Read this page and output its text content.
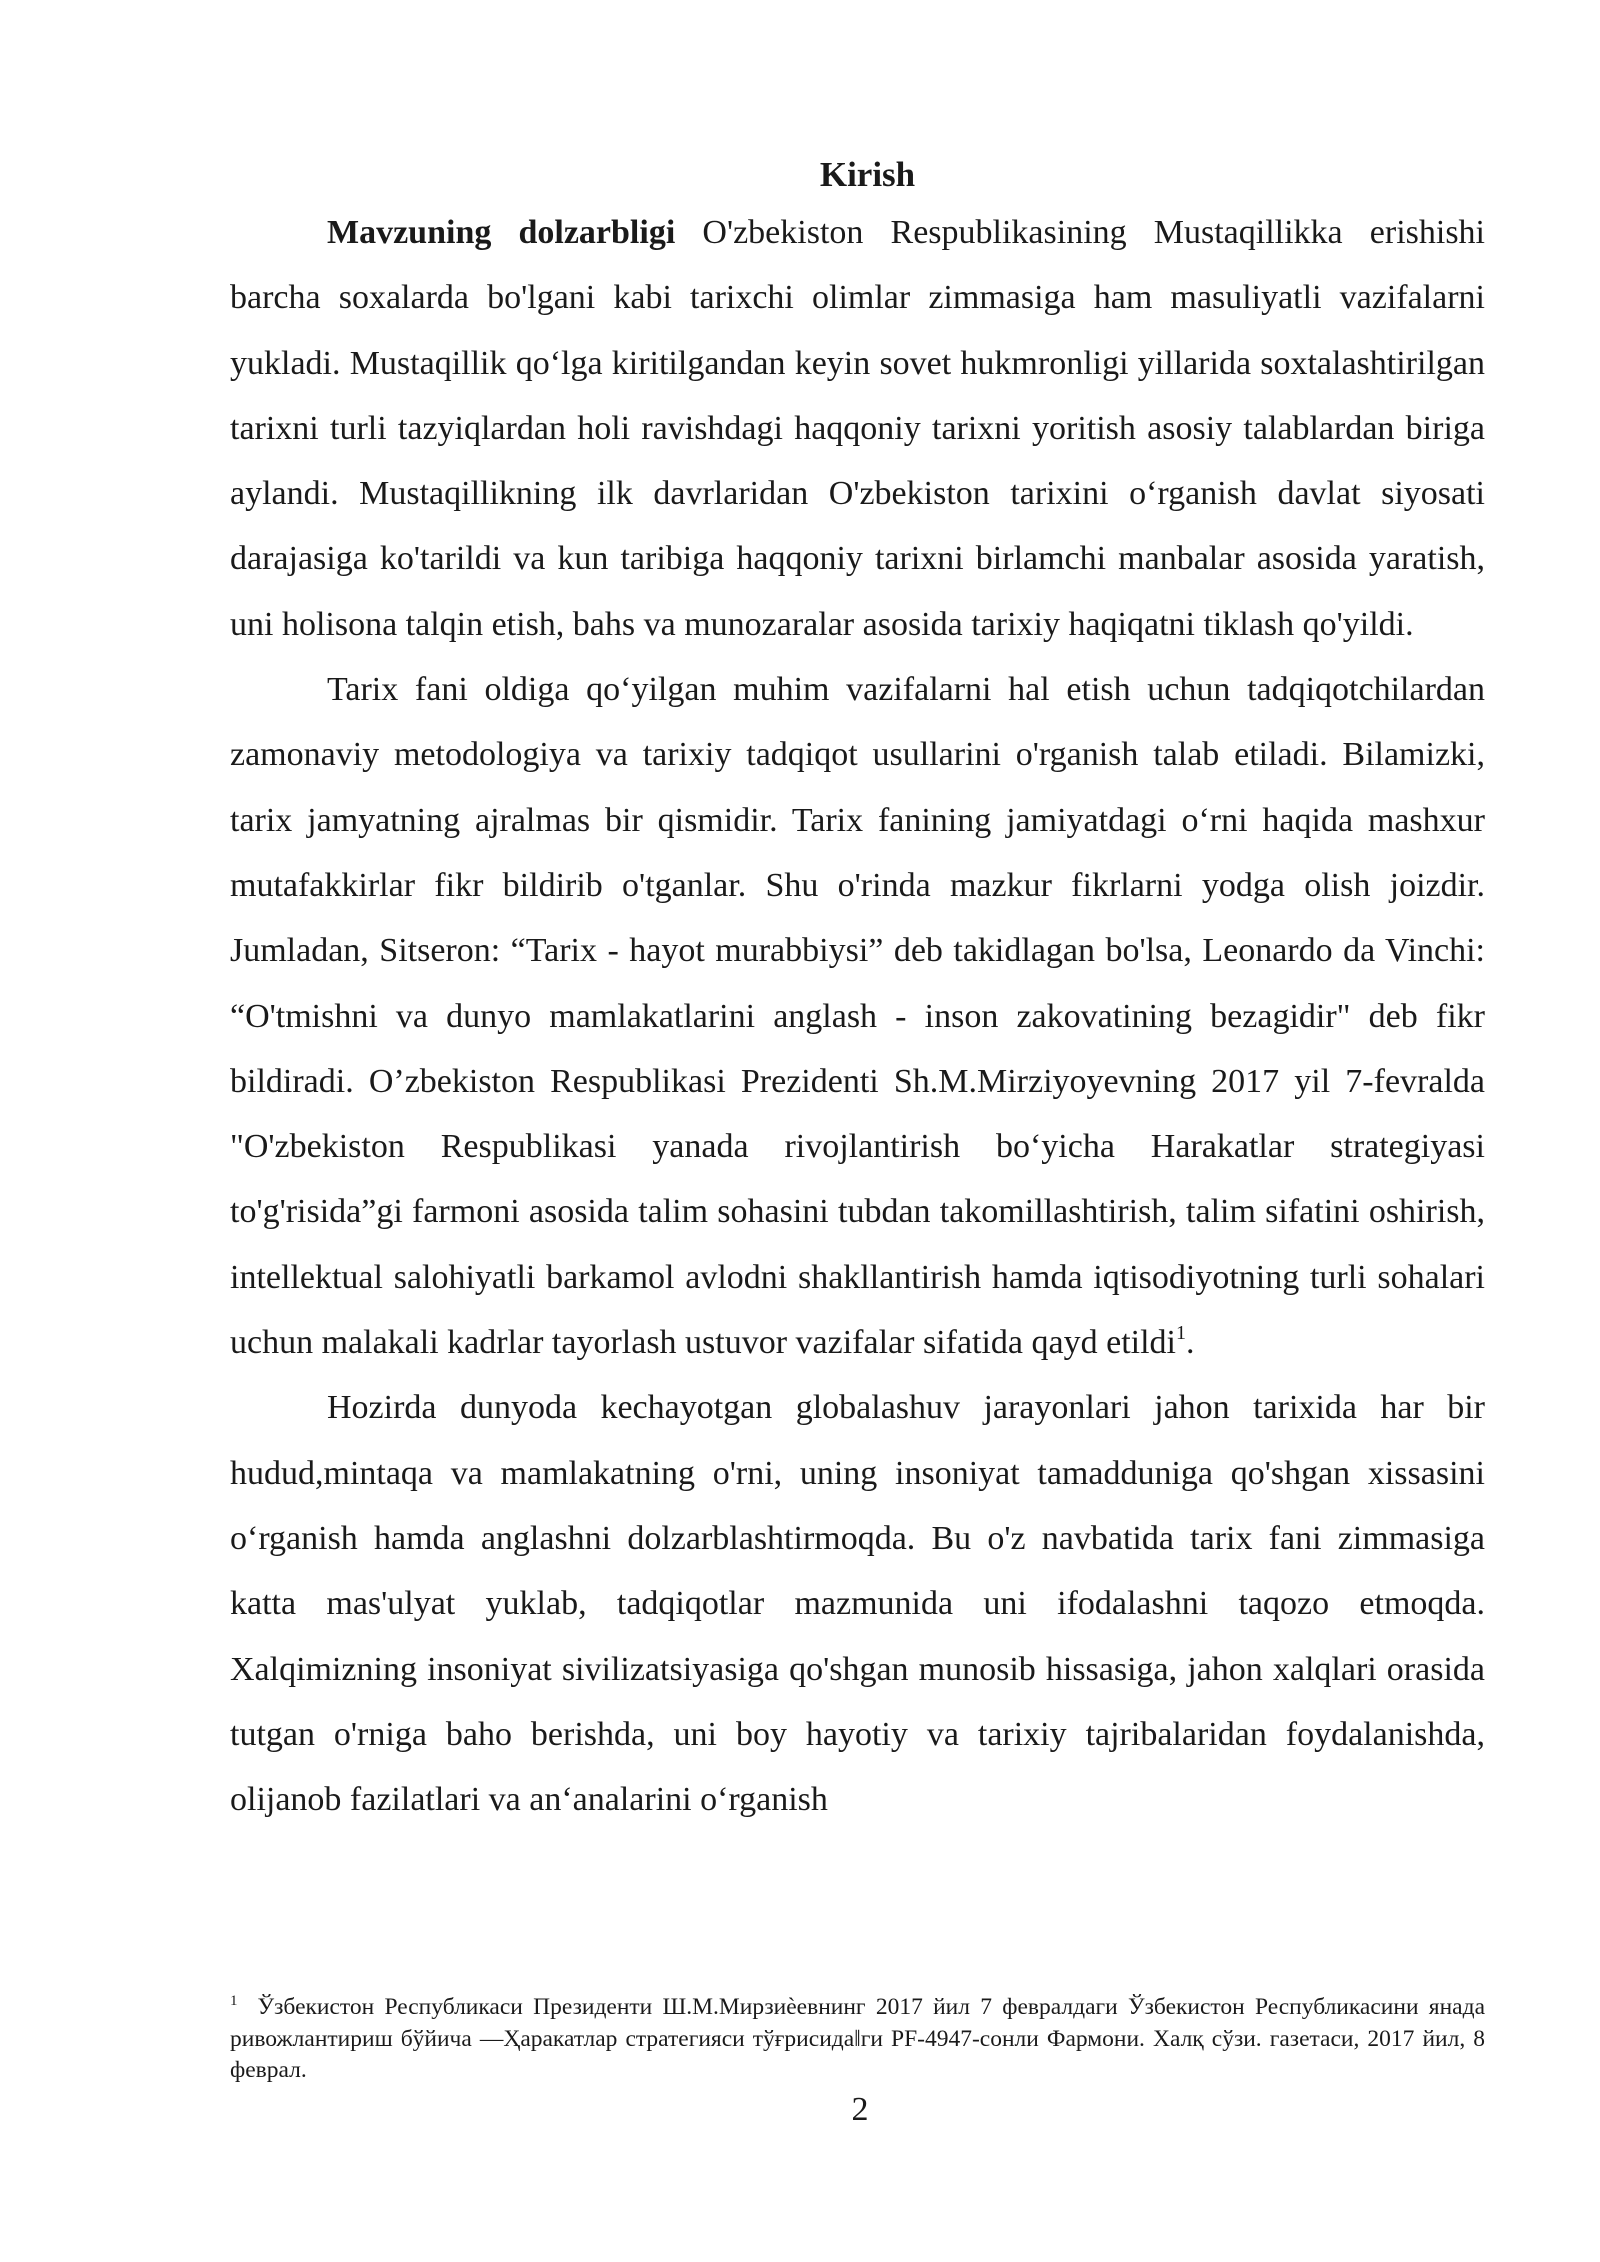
Kirish

Mavzuning dolzarbligi O'zbekiston Respublikasining Mustaqillikka erishishi barcha soxalarda bo'lgani kabi tarixchi olimlar zimmasiga ham masuliyatli vazifalarni yukladi. Mustaqillik qo‘lga kiritilgandan keyin sovet hukmronligi yillarida soxtalashtirilgan tarixni turli tazyiqlardan holi ravishdagi haqqoniy tarixni yoritish asosiy talablardan biriga aylandi. Mustaqillikning ilk davrlaridan O'zbekiston tarixini o‘rganish davlat siyosati darajasiga ko'tarildi va kun taribiga haqqoniy tarixni birlamchi manbalar asosida yaratish, uni holisona talqin etish, bahs va munozaralar asosida tarixiy haqiqatni tiklash qo'yildi.

Tarix fani oldiga qo‘yilgan muhim vazifalarni hal etish uchun tadqiqotchilardan zamonaviy metodologiya va tarixiy tadqiqot usullarini o'rganish talab etiladi. Bilamizki, tarix jamyatning ajralmas bir qismidir. Tarix fanining jamiyatdagi o‘rni haqida mashxur mutafakkirlar fikr bildirib o'tganlar. Shu o'rinda mazkur fikrlarni yodga olish joizdir. Jumladan, Sitseron: “Tarix - hayot murabbiysi” deb takidlagan bo'lsa, Leonardo da Vinchi: “O'tmishni va dunyo mamlakatlarini anglash - inson zakovatining bezagidir" deb fikr bildiradi. O’zbekiston Respublikasi Prezidenti Sh.M.Mirziyoyevning 2017 yil 7-fevralda "O'zbekiston Respublikasi yanada rivojlantirish bo‘yicha Harakatlar strategiyasi to'g'risida”gi farmoni asosida talim sohasini tubdan takomillashtirish, talim sifatini oshirish, intellektual salohiyatli barkamol avlodni shakllantirish hamda iqtisodiyotning turli sohalari uchun malakali kadrlar tayorlash ustuvor vazifalar sifatida qayd etildi$^1$.

Hozirda dunyoda kechayotgan globalashuv jarayonlari jahon tarixida har bir hudud,mintaqa va mamlakatning o'rni, uning insoniyat tamadduniga qo'shgan xissasini o‘rganish hamda anglashni dolzarblashtirmoqda. Bu o'z navbatida tarix fani zimmasiga katta mas'ulyat yuklab, tadqiqotlar mazmunida uni ifodalashni taqozo etmoqda. Xalqimizning insoniyat sivilizatsiyasiga qo'shgan munosib hissasiga, jahon xalqlari orasida tutgan o'rniga baho berishda, uni boy hayotiy va tarixiy tajribalaridan foydalanishda, olijanob fazilatlari va an‘analarini o‘rganish

$^1$ Ўзбекистон Республикаси Президенти Ш.М.Мирзиѐевнинг 2017 йил 7 февралдаги Ўзбекистон Республикасини янада ривожлантириш бўйича ―Ҳаракатлар стратегияси тўғрисида‖ги PF-4947-сонли Фармони. Халқ сўзи. газетаси, 2017 йил, 8 феврал.

2
